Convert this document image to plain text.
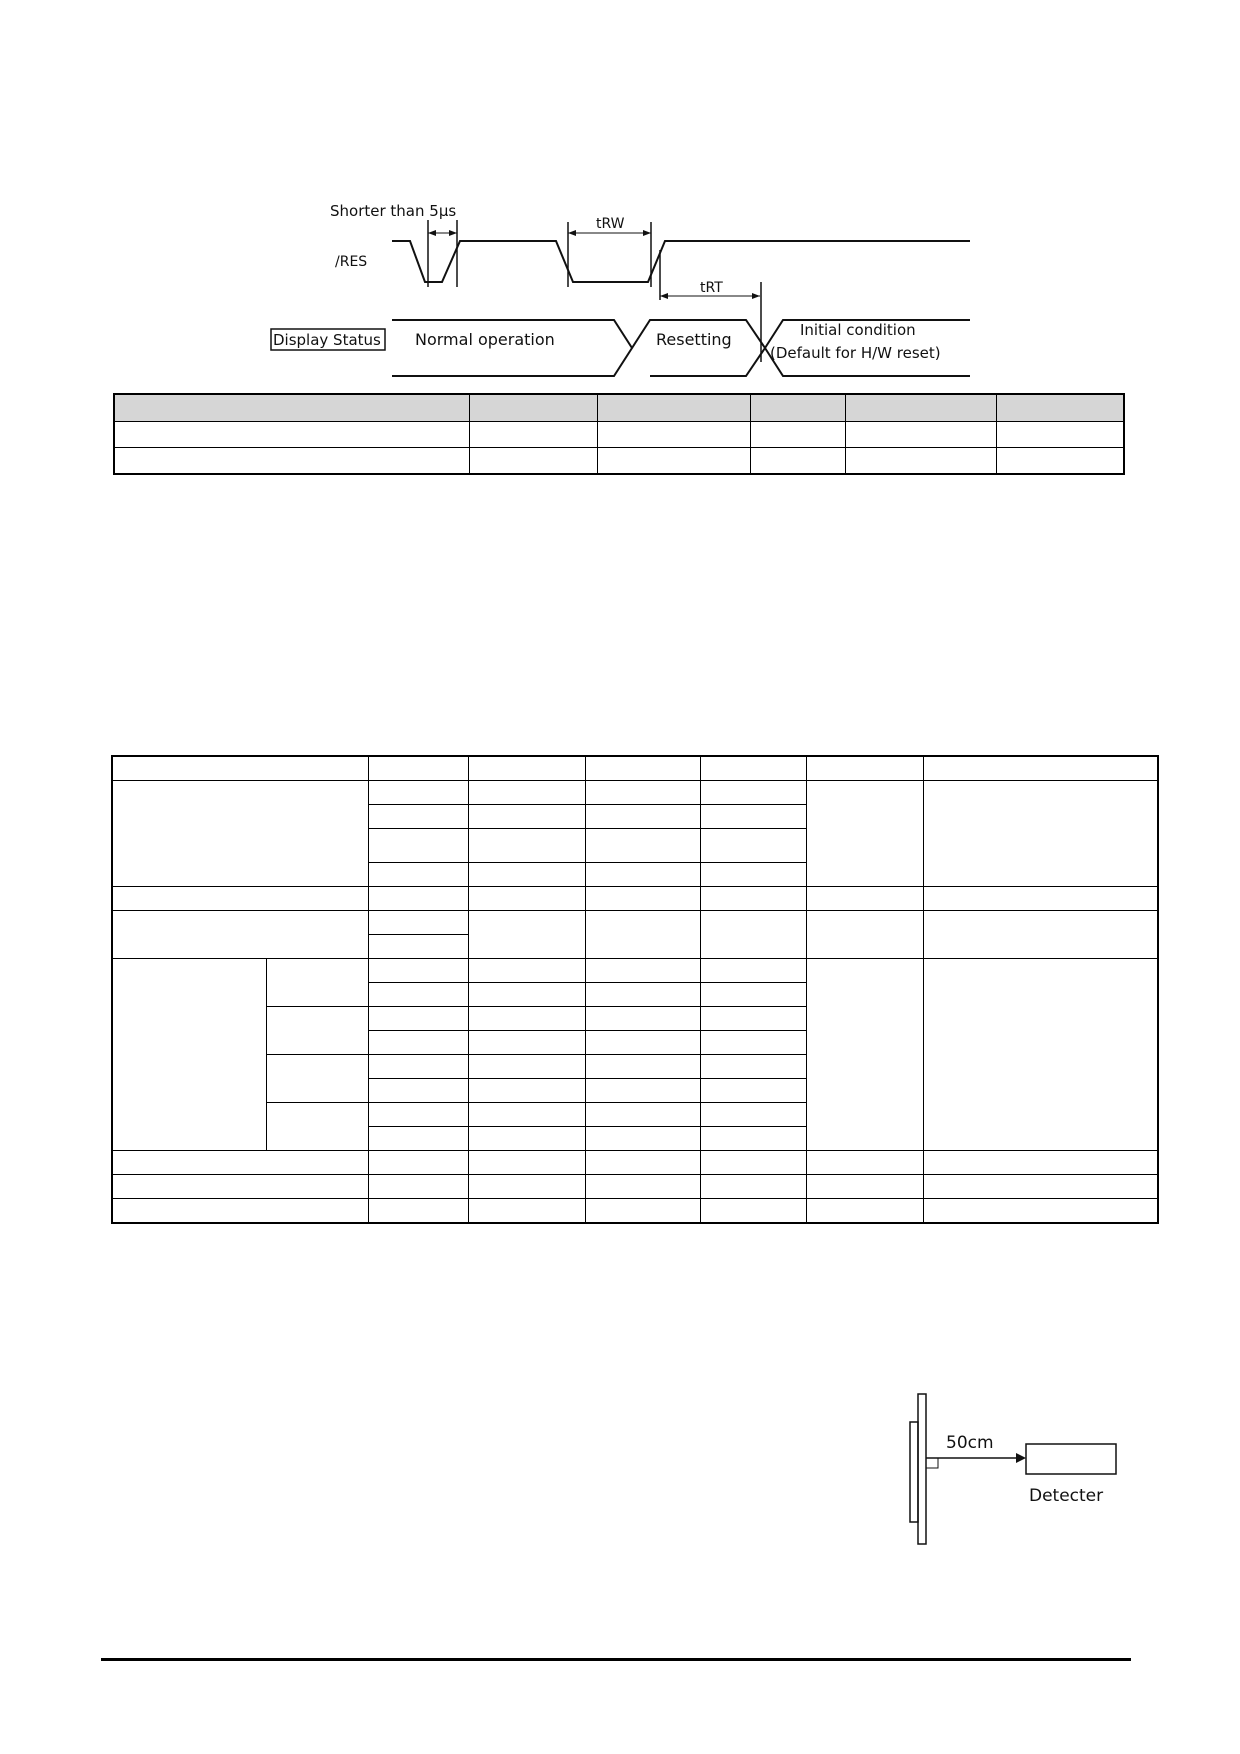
Shorter than 5μs
/RES
tRW
tRT
Display Status Normal operation	Resetting	Initial condition
(Default for H/W reset)

50cm
Detecter
